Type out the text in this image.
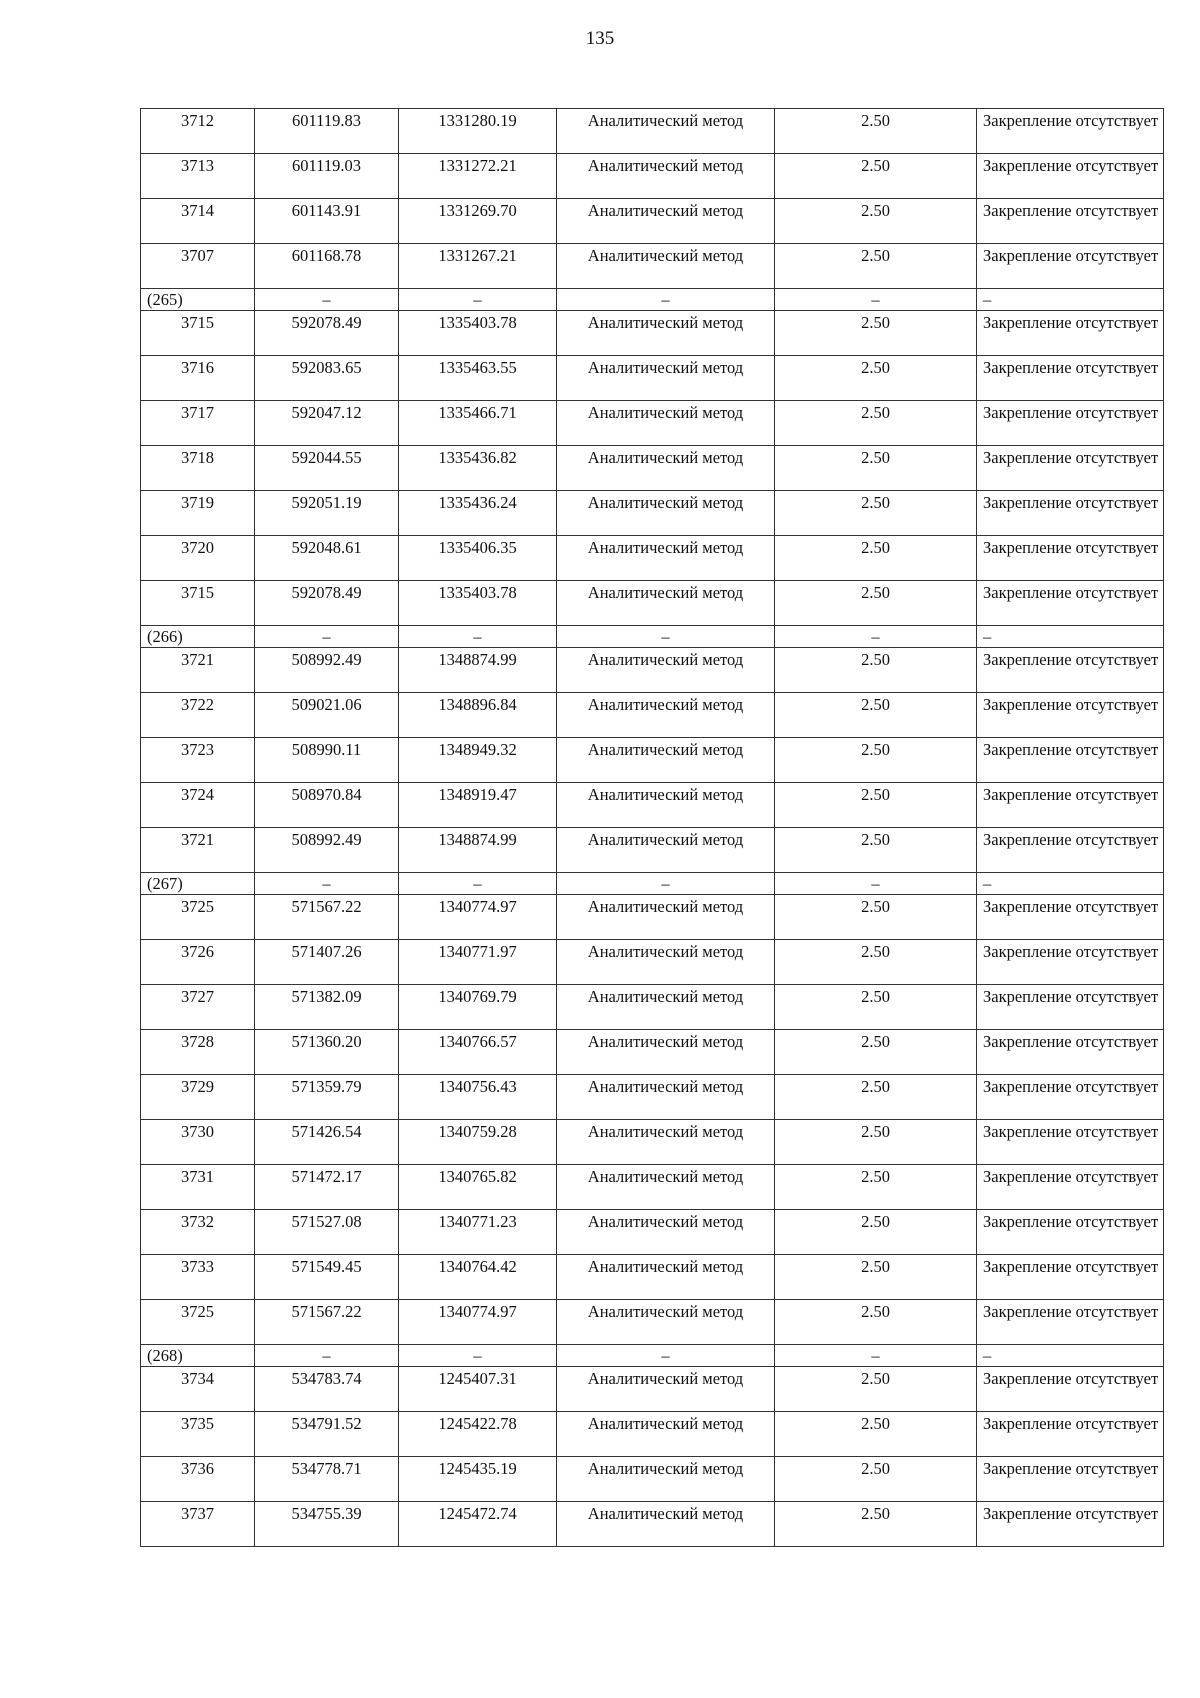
135
3712	601119.83	1331280.19	Аналитический метод	2.50	Закрепление отсутствует
3713	601119.03	1331272.21	Аналитический метод	2.50	Закрепление отсутствует
3714	601143.91	1331269.70	Аналитический метод	2.50	Закрепление отсутствует
3707	601168.78	1331267.21	Аналитический метод	2.50	Закрепление отсутствует
(265)	–	–	–	–	–
3715	592078.49	1335403.78	Аналитический метод	2.50	Закрепление отсутствует
3716	592083.65	1335463.55	Аналитический метод	2.50	Закрепление отсутствует
3717	592047.12	1335466.71	Аналитический метод	2.50	Закрепление отсутствует
3718	592044.55	1335436.82	Аналитический метод	2.50	Закрепление отсутствует
3719	592051.19	1335436.24	Аналитический метод	2.50	Закрепление отсутствует
3720	592048.61	1335406.35	Аналитический метод	2.50	Закрепление отсутствует
3715	592078.49	1335403.78	Аналитический метод	2.50	Закрепление отсутствует
(266)	–	–	–	–	–
3721	508992.49	1348874.99	Аналитический метод	2.50	Закрепление отсутствует
3722	509021.06	1348896.84	Аналитический метод	2.50	Закрепление отсутствует
3723	508990.11	1348949.32	Аналитический метод	2.50	Закрепление отсутствует
3724	508970.84	1348919.47	Аналитический метод	2.50	Закрепление отсутствует
3721	508992.49	1348874.99	Аналитический метод	2.50	Закрепление отсутствует
(267)	–	–	–	–	–
3725	571567.22	1340774.97	Аналитический метод	2.50	Закрепление отсутствует
3726	571407.26	1340771.97	Аналитический метод	2.50	Закрепление отсутствует
3727	571382.09	1340769.79	Аналитический метод	2.50	Закрепление отсутствует
3728	571360.20	1340766.57	Аналитический метод	2.50	Закрепление отсутствует
3729	571359.79	1340756.43	Аналитический метод	2.50	Закрепление отсутствует
3730	571426.54	1340759.28	Аналитический метод	2.50	Закрепление отсутствует
3731	571472.17	1340765.82	Аналитический метод	2.50	Закрепление отсутствует
3732	571527.08	1340771.23	Аналитический метод	2.50	Закрепление отсутствует
3733	571549.45	1340764.42	Аналитический метод	2.50	Закрепление отсутствует
3725	571567.22	1340774.97	Аналитический метод	2.50	Закрепление отсутствует
(268)	–	–	–	–	–
3734	534783.74	1245407.31	Аналитический метод	2.50	Закрепление отсутствует
3735	534791.52	1245422.78	Аналитический метод	2.50	Закрепление отсутствует
3736	534778.71	1245435.19	Аналитический метод	2.50	Закрепление отсутствует
3737	534755.39	1245472.74	Аналитический метод	2.50	Закрепление отсутствует
